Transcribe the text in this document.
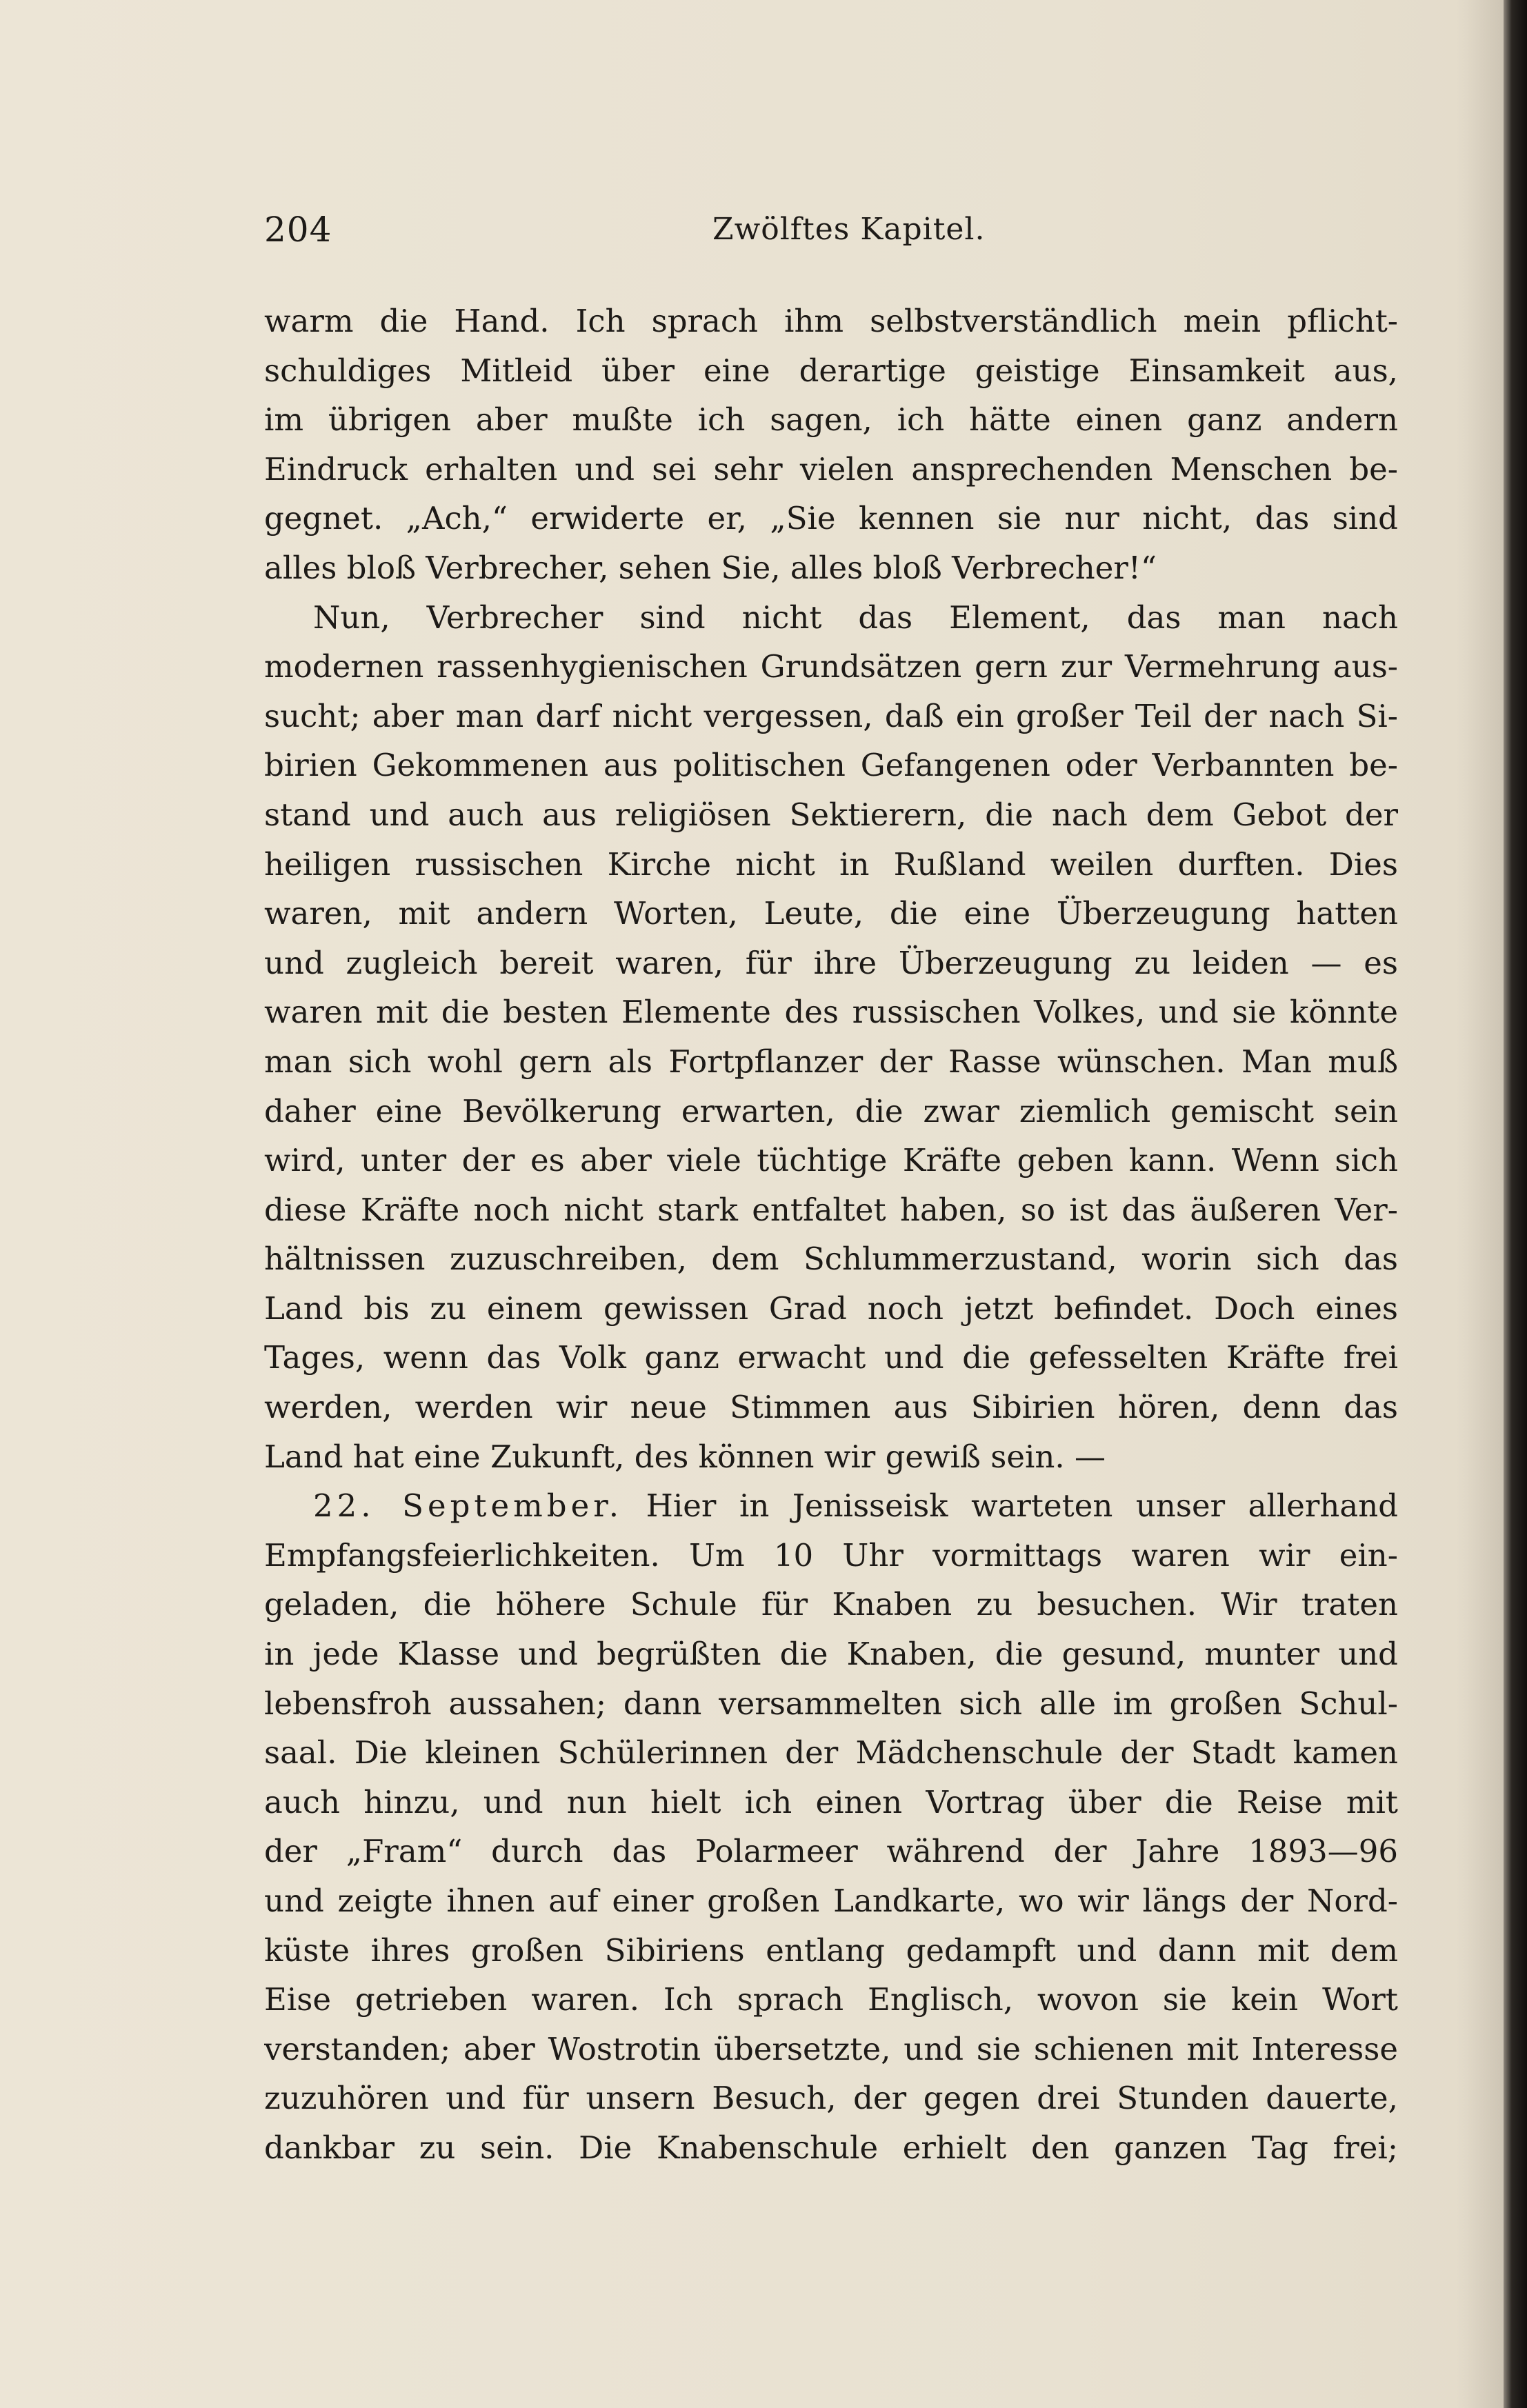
204	Zwölftes Kapitel.
warm die Hand. Ich sprach ihm selbstverständlich mein pflicht-
schuldiges Mitleid über eine derartige geistige Einsamkeit aus,
im übrigen aber mußte ich sagen, ich hätte einen ganz andern
Eindruck erhalten und sei sehr vielen ansprechenden Menschen be-
gegnet. „Ach,“ erwiderte er, „Sie kennen sie nur nicht, das sind
alles bloß Verbrecher, sehen Sie, alles bloß Verbrecher!“
Nun, Verbrecher sind nicht das Element, das man nach
modernen rassenhygienischen Grundsätzen gern zur Vermehrung aus-
sucht; aber man darf nicht vergessen, daß ein großer Teil der nach Si-
birien Gekommenen aus politischen Gefangenen oder Verbannten be-
stand und auch aus religiösen Sektierern, die nach dem Gebot der
heiligen russischen Kirche nicht in Rußland weilen durften. Dies
waren, mit andern Worten, Leute, die eine Überzeugung hatten
und zugleich bereit waren, für ihre Überzeugung zu leiden — es
waren mit die besten Elemente des russischen Volkes, und sie könnte
man sich wohl gern als Fortpflanzer der Rasse wünschen. Man muß
daher eine Bevölkerung erwarten, die zwar ziemlich gemischt sein
wird, unter der es aber viele tüchtige Kräfte geben kann. Wenn sich
diese Kräfte noch nicht stark entfaltet haben, so ist das äußeren Ver-
hältnissen zuzuschreiben, dem Schlummerzustand, worin sich das
Land bis zu einem gewissen Grad noch jetzt befindet. Doch eines
Tages, wenn das Volk ganz erwacht und die gefesselten Kräfte frei
werden, werden wir neue Stimmen aus Sibirien hören, denn das
Land hat eine Zukunft, des können wir gewiß sein. —
22. September. Hier in Jenisseisk warteten unser allerhand
Empfangsfeierlichkeiten. Um 10 Uhr vormittags waren wir ein-
geladen, die höhere Schule für Knaben zu besuchen. Wir traten
in jede Klasse und begrüßten die Knaben, die gesund, munter und
lebensfroh aussahen; dann versammelten sich alle im großen Schul-
saal. Die kleinen Schülerinnen der Mädchenschule der Stadt kamen
auch hinzu, und nun hielt ich einen Vortrag über die Reise mit
der „Fram“ durch das Polarmeer während der Jahre 1893—96
und zeigte ihnen auf einer großen Landkarte, wo wir längs der Nord-
küste ihres großen Sibiriens entlang gedampft und dann mit dem
Eise getrieben waren. Ich sprach Englisch, wovon sie kein Wort
verstanden; aber Wostrotin übersetzte, und sie schienen mit Interesse
zuzuhören und für unsern Besuch, der gegen drei Stunden dauerte,
dankbar zu sein. Die Knabenschule erhielt den ganzen Tag frei;
